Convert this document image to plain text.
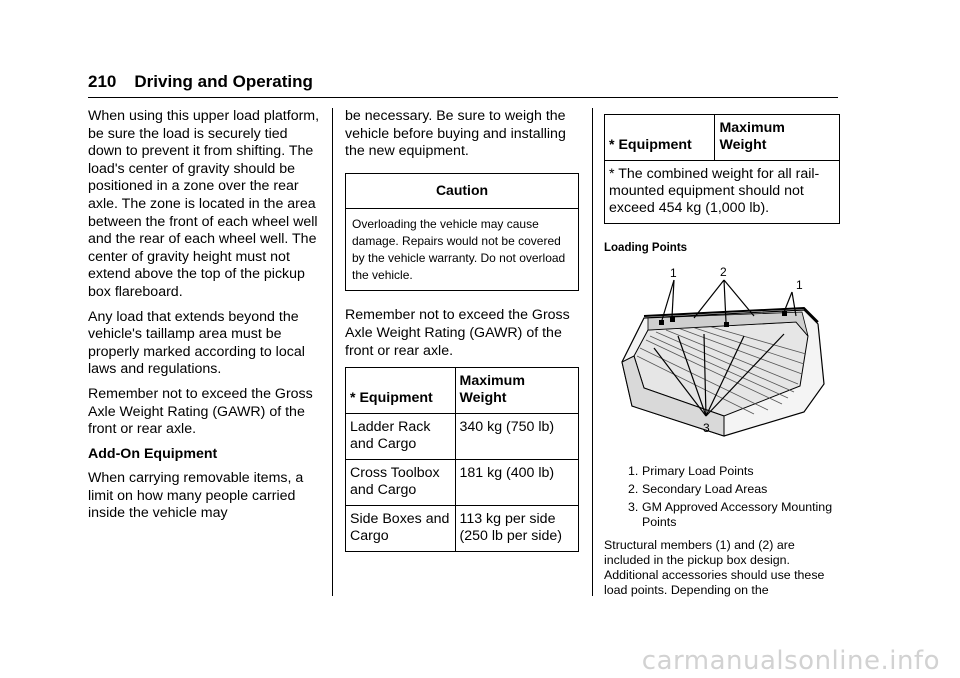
210 Driving and Operating

When using this upper load platform, be sure the load is securely tied down to prevent it from shifting. The load's center of gravity should be positioned in a zone over the rear axle. The zone is located in the area between the front of each wheel well and the rear of each wheel well. The center of gravity height must not extend above the top of the pickup box flareboard.

Any load that extends beyond the vehicle's taillamp area must be properly marked according to local laws and regulations.

Remember not to exceed the Gross Axle Weight Rating (GAWR) of the front or rear axle.

Add-On Equipment

When carrying removable items, a limit on how many people carried inside the vehicle may

be necessary. Be sure to weigh the vehicle before buying and installing the new equipment.

Caution
Overloading the vehicle may cause damage. Repairs would not be covered by the vehicle warranty. Do not overload the vehicle.

Remember not to exceed the Gross Axle Weight Rating (GAWR) of the front or rear axle.

* Equipment	Maximum Weight
Ladder Rack and Cargo	340 kg (750 lb)
Cross Toolbox and Cargo	181 kg (400 lb)
Side Boxes and Cargo	113 kg per side (250 lb per side)
* Equipment	Maximum Weight
* The combined weight for all rail-mounted equipment should not exceed 454 kg (1,000 lb).
Loading Points
1	2
1
3
1. Primary Load Points
2. Secondary Load Areas
3. GM Approved Accessory Mounting Points

Structural members (1) and (2) are included in the pickup box design. Additional accessories should use these load points. Depending on the

carmanualsonline.info
